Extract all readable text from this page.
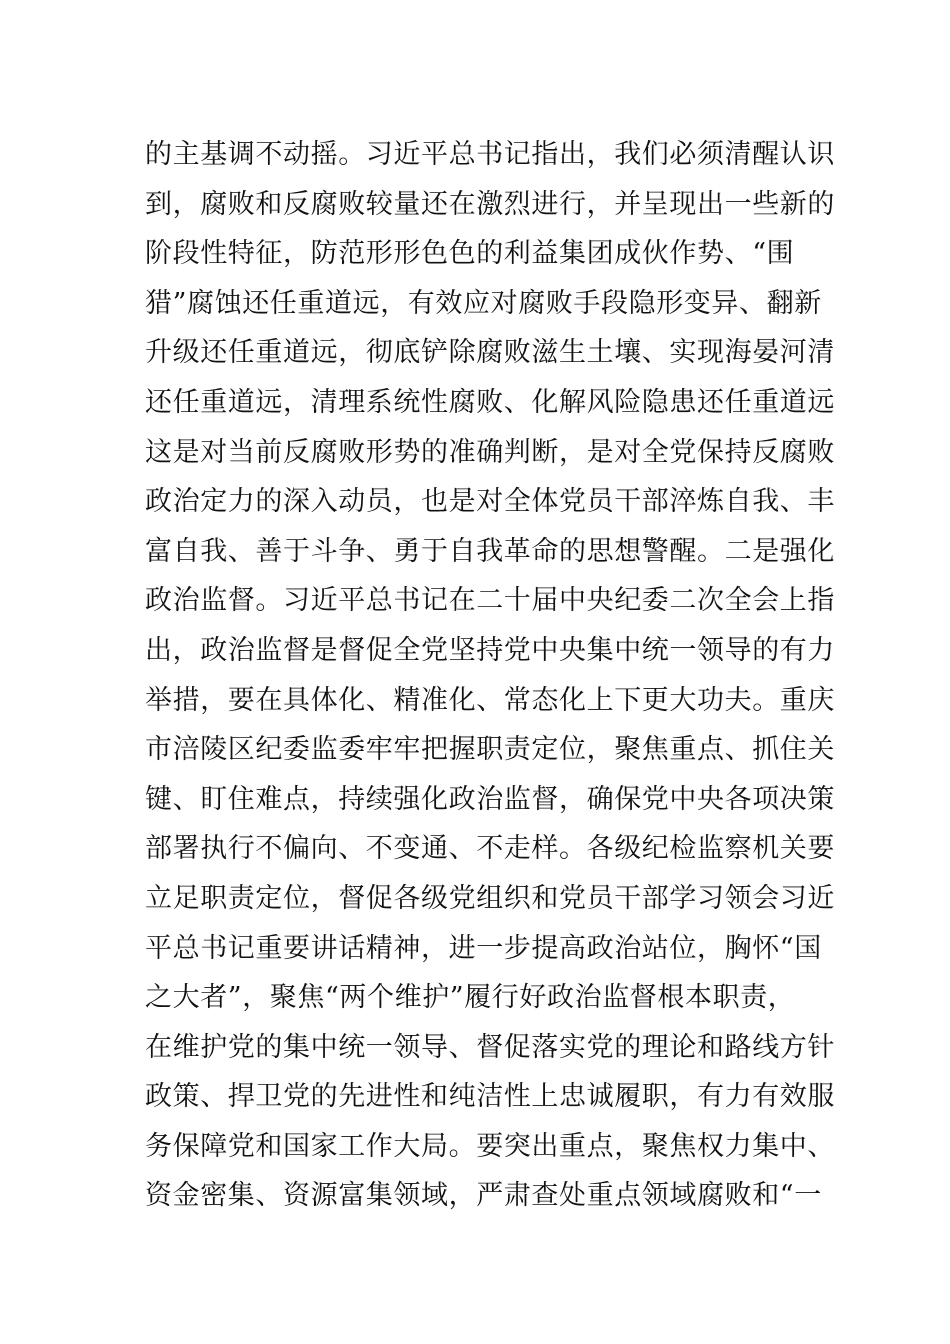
的主基调不动摇。习近平总书记指出，我们必须清醒认识
到，腐败和反腐败较量还在激烈进行，并呈现出一些新的
阶段性特征，防范形形色色的利益集团成伙作势、“围
猎”腐蚀还任重道远，有效应对腐败手段隐形变异、翻新
升级还任重道远，彻底铲除腐败滋生土壤、实现海晏河清
还任重道远，清理系统性腐败、化解风险隐患还任重道远
这是对当前反腐败形势的准确判断，是对全党保持反腐败
政治定力的深入动员，也是对全体党员干部淬炼自我、丰
富自我、善于斗争、勇于自我革命的思想警醒。二是强化
政治监督。习近平总书记在二十届中央纪委二次全会上指
出，政治监督是督促全党坚持党中央集中统一领导的有力
举措，要在具体化、精准化、常态化上下更大功夫。重庆
市涪陵区纪委监委牢牢把握职责定位，聚焦重点、抓住关
键、盯住难点，持续强化政治监督，确保党中央各项决策
部署执行不偏向、不变通、不走样。各级纪检监察机关要
立足职责定位，督促各级党组织和党员干部学习领会习近
平总书记重要讲话精神，进一步提高政治站位，胸怀“国
之大者”，聚焦“两个维护”履行好政治监督根本职责，
在维护党的集中统一领导、督促落实党的理论和路线方针
政策、捍卫党的先进性和纯洁性上忠诚履职，有力有效服
务保障党和国家工作大局。要突出重点，聚焦权力集中、
资金密集、资源富集领域，严肃查处重点领域腐败和“一
